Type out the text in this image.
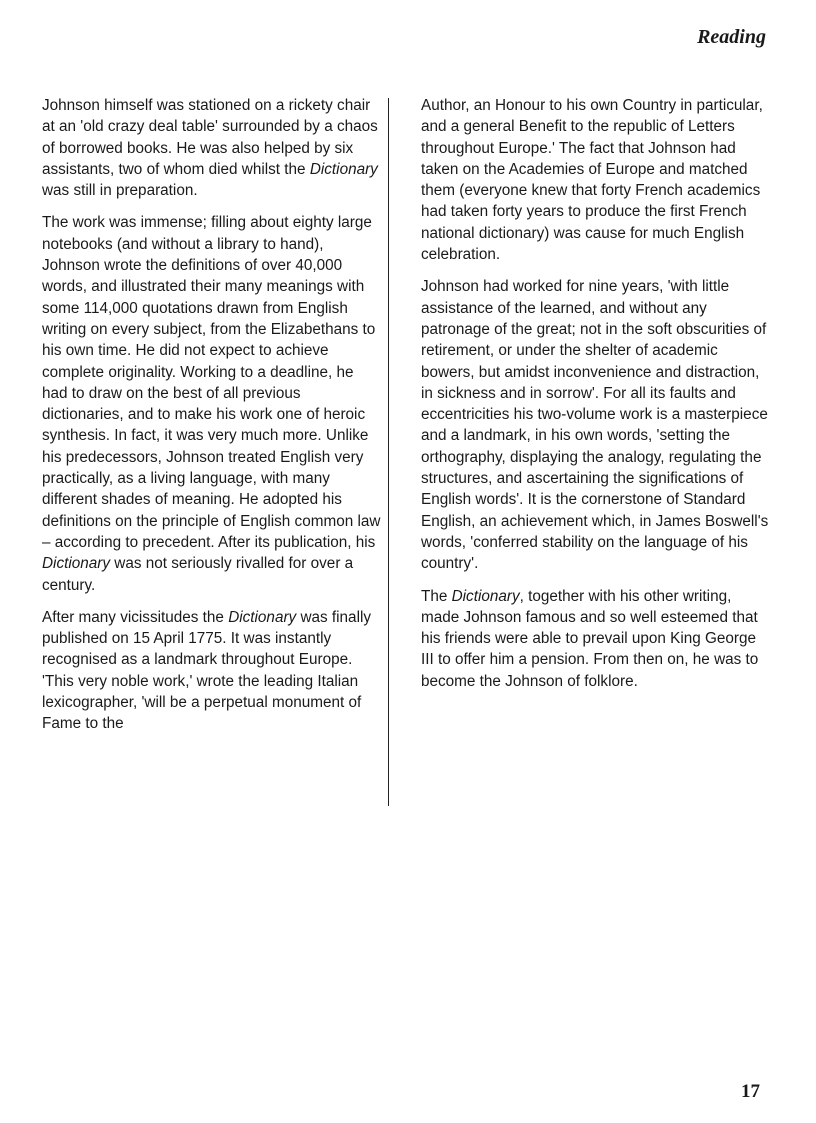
Reading

Johnson himself was stationed on a rickety chair at an 'old crazy deal table' surrounded by a chaos of borrowed books. He was also helped by six assistants, two of whom died whilst the Dictionary was still in preparation.

The work was immense; filling about eighty large notebooks (and without a library to hand), Johnson wrote the definitions of over 40,000 words, and illustrated their many meanings with some 114,000 quotations drawn from English writing on every subject, from the Elizabethans to his own time. He did not expect to achieve complete originality. Working to a deadline, he had to draw on the best of all previous dictionaries, and to make his work one of heroic synthesis. In fact, it was very much more. Unlike his predecessors, Johnson treated English very practically, as a living language, with many different shades of meaning. He adopted his definitions on the principle of English common law – according to precedent. After its publication, his Dictionary was not seriously rivalled for over a century.

After many vicissitudes the Dictionary was finally published on 15 April 1775. It was instantly recognised as a landmark throughout Europe. 'This very noble work,' wrote the leading Italian lexicographer, 'will be a perpetual monument of Fame to the

Author, an Honour to his own Country in particular, and a general Benefit to the republic of Letters throughout Europe.' The fact that Johnson had taken on the Academies of Europe and matched them (everyone knew that forty French academics had taken forty years to produce the first French national dictionary) was cause for much English celebration.

Johnson had worked for nine years, 'with little assistance of the learned, and without any patronage of the great; not in the soft obscurities of retirement, or under the shelter of academic bowers, but amidst inconvenience and distraction, in sickness and in sorrow'. For all its faults and eccentricities his two-volume work is a masterpiece and a landmark, in his own words, 'setting the orthography, displaying the analogy, regulating the structures, and ascertaining the significations of English words'. It is the cornerstone of Standard English, an achievement which, in James Boswell's words, 'conferred stability on the language of his country'.

The Dictionary, together with his other writing, made Johnson famous and so well esteemed that his friends were able to prevail upon King George III to offer him a pension. From then on, he was to become the Johnson of folklore.

17
